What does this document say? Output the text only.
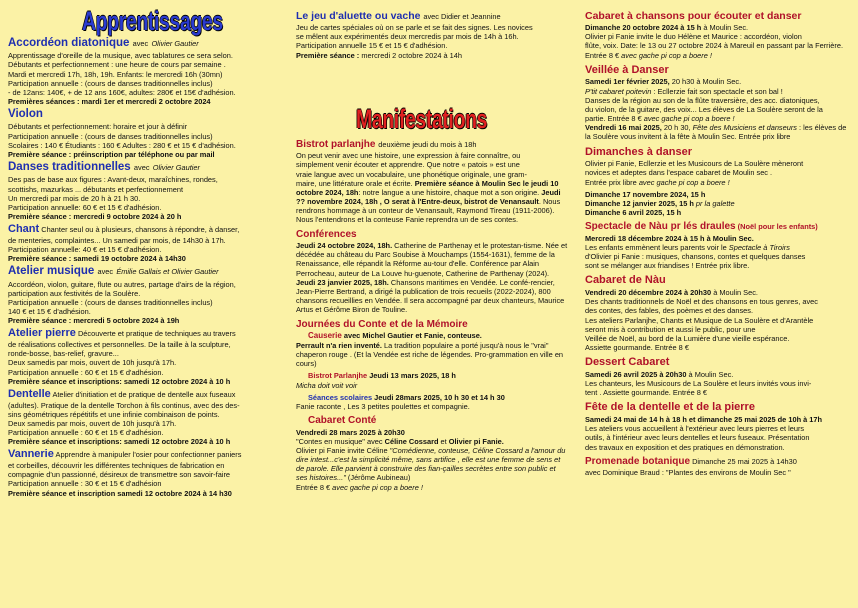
Apprentissages
Accordéon diatonique avec Olivier Gautier

Apprentissage d'oreille de la musique, avec tablatures ce sera selon.
Débutants et perfectionnement : une heure de cours par semaine .
Mardi et mercredi 17h, 18h, 19h. Enfants: le mercredi 16h (30mn)
Participation annuelle : (cours de danses traditionnelles inclus)
- de 12ans: 140€, + de 12 ans 160€, adultes: 280€ et 15€ d'adhésion.
Premières séances : mardi 1er et mercredi 2 octobre 2024

Violon

Débutants et perfectionnement: horaire et jour à définir
Participation annuelle : (cours de danses traditionnelles inclus)
Scolaires : 140 € Étudiants : 160 € Adultes : 280 € et 15 € d'adhésion.
Première séance : préinscription par téléphone ou par mail

Danses traditionnelles avec Olivier Gautier

Des pas de base aux figures : Avant-deux, maraîchines, rondes,
scottishs, mazurkas ... débutants et perfectionnement
Un mercredi par mois de 20 h à 21 h 30.
Participation annuelle: 60 € et 15 € d'adhésion.
Première séance : mercredi 9 octobre 2024 à 20 h

Chant Chanter seul ou à plusieurs, chansons à répondre, à danser,
de menteries, complaintes... Un samedi par mois, de 14h30 à 17h.
Participation annuelle: 40 € et 15 € d'adhésion.
Première séance : samedi 19 octobre 2024 à 14h30

Atelier musique avec Émilie Gallais et Olivier Gautier

Accordéon, violon, guitare, flute ou autres, partage d'airs de la région,
participation aux festivités de la Soulère.
Participation annuelle : (cours de danses traditionnelles inclus)
140 € et 15 € d'adhésion.
Première séance : mercredi 5 octobre 2024 à 19h

Atelier pierre Découverte et pratique de techniques au travers
de réalisations collectives et personnelles. De la taille à la sculpture,
ronde-bosse, bas-relief, gravure...
Deux samedis par mois, ouvert de 10h jusqu'à 17h.
Participation annuelle : 60 € et 15 € d'adhésion.
Première séance et inscriptions: samedi 12 octobre 2024 à 10 h

Dentelle Atelier d'initiation et de pratique de dentelle aux fuseaux
(adultes). Pratique de la dentelle Torchon à fils continus, avec des des-
sins géométriques répétitifs et une infinie combinaison de points.
Deux samedis par mois, ouvert de 10h jusqu'à 17h.
Participation annuelle : 60 € et 15 € d'adhésion.
Première séance et inscriptions: samedi 12 octobre 2024 à 10 h

Vannerie Apprendre à manipuler l'osier pour confectionner paniers
et corbeilles, découvrir les différentes techniques de fabrication en
compagnie d'un passionné, désireux de transmettre son savoir-faire
Participation annuelle : 30 € et 15 € d'adhésion
Première séance et inscription samedi 12 octobre 2024 à 14 h30

Le jeu d'aluette ou vache avec Didier et Jeannine

Jeu de cartes spéciales où on se parle et se fait des signes. Les novices
se mêlent aux expérimentés deux mercredis par mois de 14h à 16h.
Participation annuelle 15 € et 15 € d'adhésion.
Première séance : mercredi 2 octobre 2024 à 14h

Manifestations
Bistrot parlanjhe deuxième jeudi du mois à 18h

On peut venir avec une histoire, une expression à faire connaître, ou
simplement venir écouter et apprendre. Que notre « patois » est une
vraie langue avec un vocabulaire, une phonétique originale, une gram-
maire, une littérature orale et écrite. Première séance à Moulin Sec le jeudi 10 octobre 2024, 18h: notre langue a une histoire, chaque mot a son origine. Jeudi ?? novembre 2024, 18h , O serat à l'Entre-deux, bistrot de Venansault. Nous rendrons hommage à un conteur de Venansault, Raymond Tireau (1911-2006). Nous l'entendrons et la conteuse Fanie reprendra un de ses contes.

Conférences

Jeudi 24 octobre 2024, 18h. Catherine de Parthenay et le protestan-tisme. Née et décédée au château du Parc Soubise à Mouchamps (1554-1631), femme de la Renaissance, elle répandit la Réforme au-tour d'elle. Conférence par Alain Perrocheau, auteur de La Louve hu-guenote, Catherine de Parthenay (2024).

Jeudi 23 janvier 2025, 18h. Chansons maritimes en Vendée. Le confé-rencier, Jean-Pierre Bertrand, a dirigé la publication de trois recueils (2022-2024), 800 chansons recueillies en Vendée. Il sera accompagné par deux chanteurs, Maurice Artus et Gérôme Biron de Touline.

Journées du Conte et de la Mémoire

Causerie avec Michel Gautier et Fanie, conteuse.

Perrault n'a rien inventé. La tradition populaire a porté jusqu'à nous le "vrai" chaperon rouge . (Et la Vendée est riche de légendes. Pro-grammation en ville en cours)

Bistrot Parlanjhe Jeudi 13 mars 2025, 18 h

Micha doit voit voir

Séances scolaires Jeudi 28mars 2025, 10 h 30 et 14 h 30

Fanie raconte , Les 3 petites poulettes et compagnie.

Cabaret Conté

Vendredi 28 mars 2025 à 20h30
"Contes en musique" avec Céline Cossard et Olivier pi Fanie.
Olivier pi Fanie invite Céline "Comédienne, conteuse, Céline Cossard a l'amour du dire intest...c'est la simplicité même, sans artifice , elle est une femme de sens et de parole. Elle parvient à construire des fian-çailles secrètes entre son public et ses histoires..." (Jérôme Aubineau)
Entrée 8 € avec gache pi cop a boere !

Cabaret à chansons pour écouter et danser

Dimanche 20 octobre 2024 à 15 h à Moulin Sec.
Olivier pi Fanie invite le duo Hélène et Maurice : accordéon, violon
flûte, voix. Date: le 13 ou 27 octobre 2024 à Mareuil en passant par la Ferrière.
Entrée 8 € avec gache pi cop a boere !

Veillée à Danser

Samedi 1er février 2025, 20 h30 à Moulin Sec.
P'tit cabaret poitevin : Ecllerzie fait son spectacle et son bal !
Danses de la région au son de la flûte traversière, des acc. diatoniques,
du violon, de la guitare, des voix... Les élèves de La Soulère seront de la
partie. Entrée 8 € avec gache pi cop a boere !
Vendredi 16 mai 2025, 20 h 30, Fête des Musiciens et danseurs : les élèves de la Soulère vous invitent à la fête à Moulin Sec. Entrée prix libre

Dimanches à danser

Olivier pi Fanie, Ecllerzie et les Musicours de La Soulère mèneront
novices et adeptes dans l'espace cabaret de Moulin sec .
Entrée prix libre avec gache pi cop a boere !

Dimanche 17 novembre 2024, 15 h
Dimanche 12 janvier 2025, 15 h pr la galette
Dimanche 6 avril 2025, 15 h

Spectacle de Nàu pr lés draules (Noël pour les enfants)

Mercredi 18 décembre 2024 à 15 h à Moulin Sec.
Les enfants emmènent leurs parents voir le Spectacle à Tiroirs
d'Olivier pi Fanie : musiques, chansons, contes et quelques danses
sont se mélanger aux friandises ! Entrée prix libre.

Cabaret de Nàu

Vendredi 20 décembre 2024 à 20h30 à Moulin Sec.
Des chants traditionnels de Noël et des chansons en tous genres, avec
des contes, des fables, des poèmes et des danses.
Les ateliers Parlanjhe, Chants et Musique de La Soulère et d'Arantèle
seront mis à contribution et aussi le public, pour une
Veillée de Noël, au bord de la Lumière d'une vieille espérance.
Assiette gourmande. Entrée 8 €

Dessert Cabaret

Samedi 26 avril 2025 à 20h30 à Moulin Sec.
Les chanteurs, les Musicours de La Soulère et leurs invités vous invi-
tent . Assiette gourmande. Entrée 8 €

Fête de la dentelle et de la pierre

Samedi 24 mai de 14 h à 18 h et dimanche 25 mai 2025 de 10h à 17h
Les ateliers vous accueillent à l'extérieur avec leurs pierres et leurs
outils, à l'intérieur avec leurs dentelles et leurs fuseaux. Présentation
des travaux en exposition et des pratiques en démonstration.

Promenade botanique Dimanche 25 mai 2025 à 14h30

avec Dominique Braud : "Plantes des environs de Moulin Sec "
